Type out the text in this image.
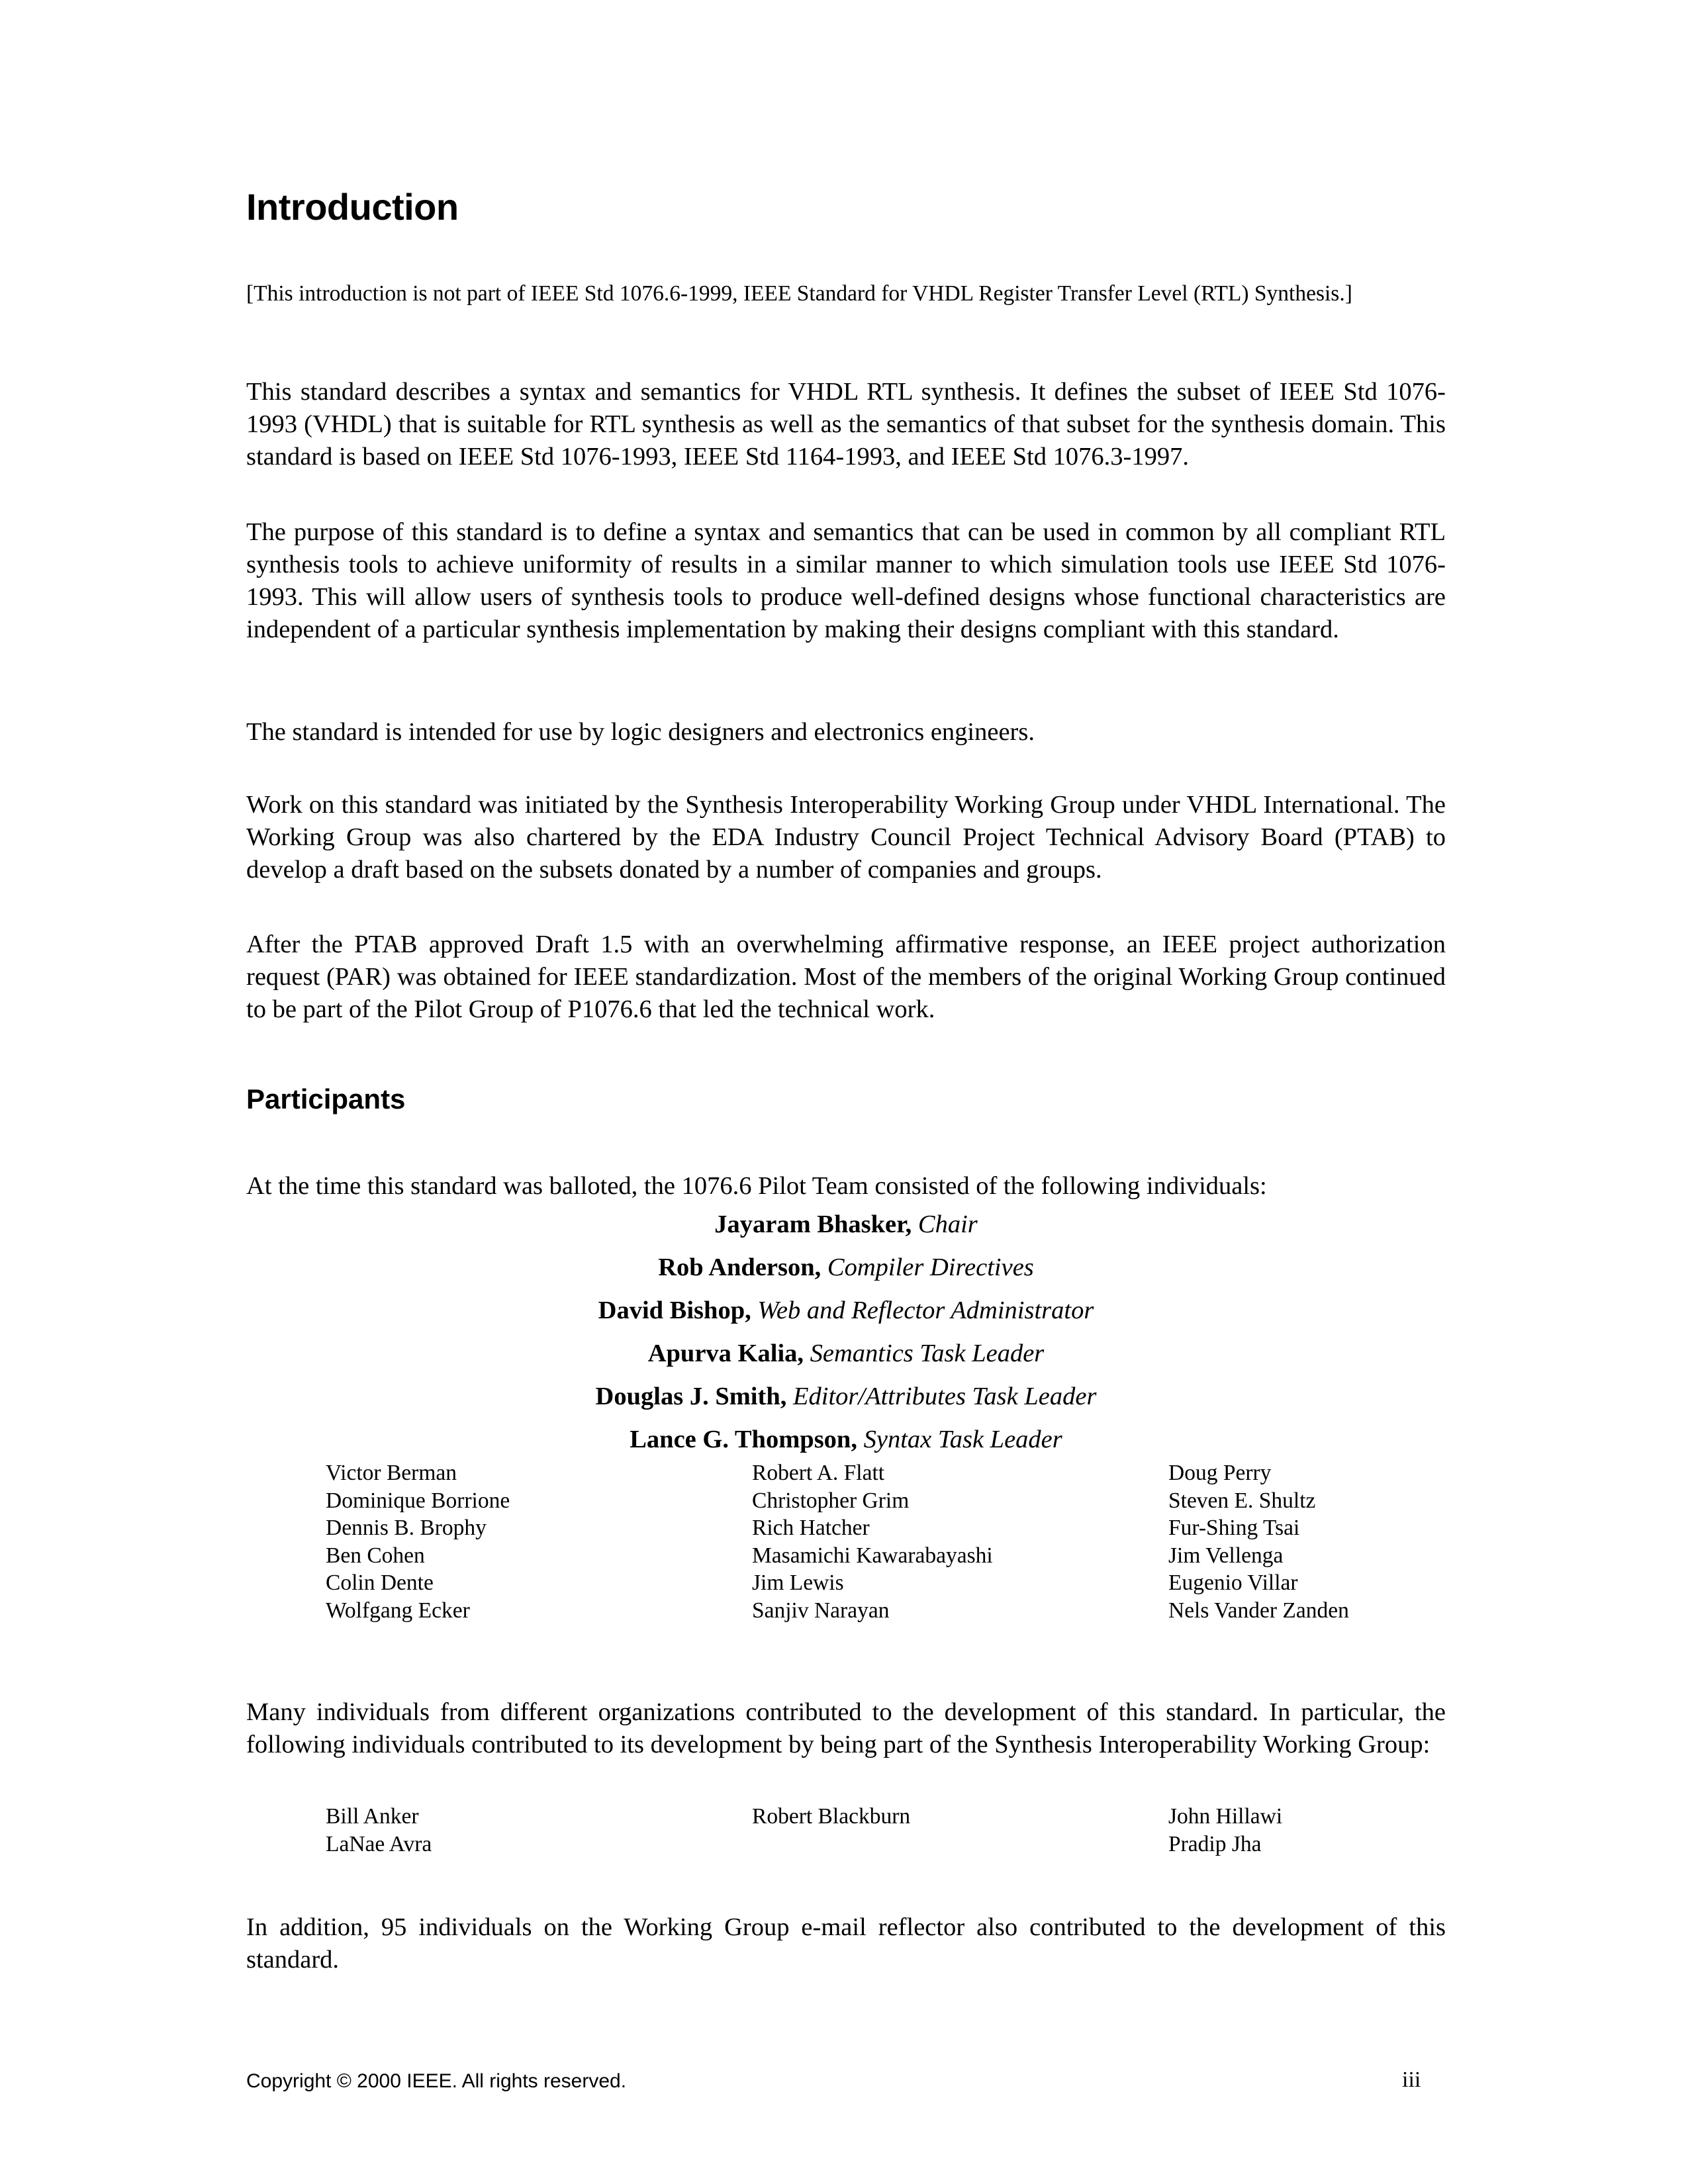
Introduction

[This introduction is not part of IEEE Std 1076.6-1999, IEEE Standard for VHDL Register Transfer Level (RTL) Synthesis.]

This standard describes a syntax and semantics for VHDL RTL synthesis. It defines the subset of IEEE Std 1076-1993 (VHDL) that is suitable for RTL synthesis as well as the semantics of that subset for the synthesis domain. This standard is based on IEEE Std 1076-1993, IEEE Std 1164-1993, and IEEE Std 1076.3-1997.

The purpose of this standard is to define a syntax and semantics that can be used in common by all compliant RTL synthesis tools to achieve uniformity of results in a similar manner to which simulation tools use IEEE Std 1076-1993. This will allow users of synthesis tools to produce well-defined designs whose functional characteristics are independent of a particular synthesis implementation by making their designs compliant with this standard.

The standard is intended for use by logic designers and electronics engineers.

Work on this standard was initiated by the Synthesis Interoperability Working Group under VHDL International. The Working Group was also chartered by the EDA Industry Council Project Technical Advisory Board (PTAB) to develop a draft based on the subsets donated by a number of companies and groups.

After the PTAB approved Draft 1.5 with an overwhelming affirmative response, an IEEE project authorization request (PAR) was obtained for IEEE standardization. Most of the members of the original Working Group continued to be part of the Pilot Group of P1076.6 that led the technical work.

Participants

At the time this standard was balloted, the 1076.6 Pilot Team consisted of the following individuals:

Jayaram Bhasker, Chair
Rob Anderson, Compiler Directives
David Bishop, Web and Reflector Administrator
Apurva Kalia, Semantics Task Leader
Douglas J. Smith, Editor/Attributes Task Leader
Lance G. Thompson, Syntax Task Leader
Victor Berman
Dominique Borrione
Dennis B. Brophy
Ben Cohen
Colin Dente
Wolfgang Ecker
Robert A. Flatt
Christopher Grim
Rich Hatcher
Masamichi Kawarabayashi
Jim Lewis
Sanjiv Narayan
Doug Perry
Steven E. Shultz
Fur-Shing Tsai
Jim Vellenga
Eugenio Villar
Nels Vander Zanden

Many individuals from different organizations contributed to the development of this standard. In particular, the following individuals contributed to its development by being part of the Synthesis Interoperability Working Group:

Bill Anker
LaNae Avra
Robert Blackburn	John Hillawi
Pradip Jha

In addition, 95 individuals on the Working Group e-mail reflector also contributed to the development of this standard.

Copyright © 2000 IEEE. All rights reserved.	iii
